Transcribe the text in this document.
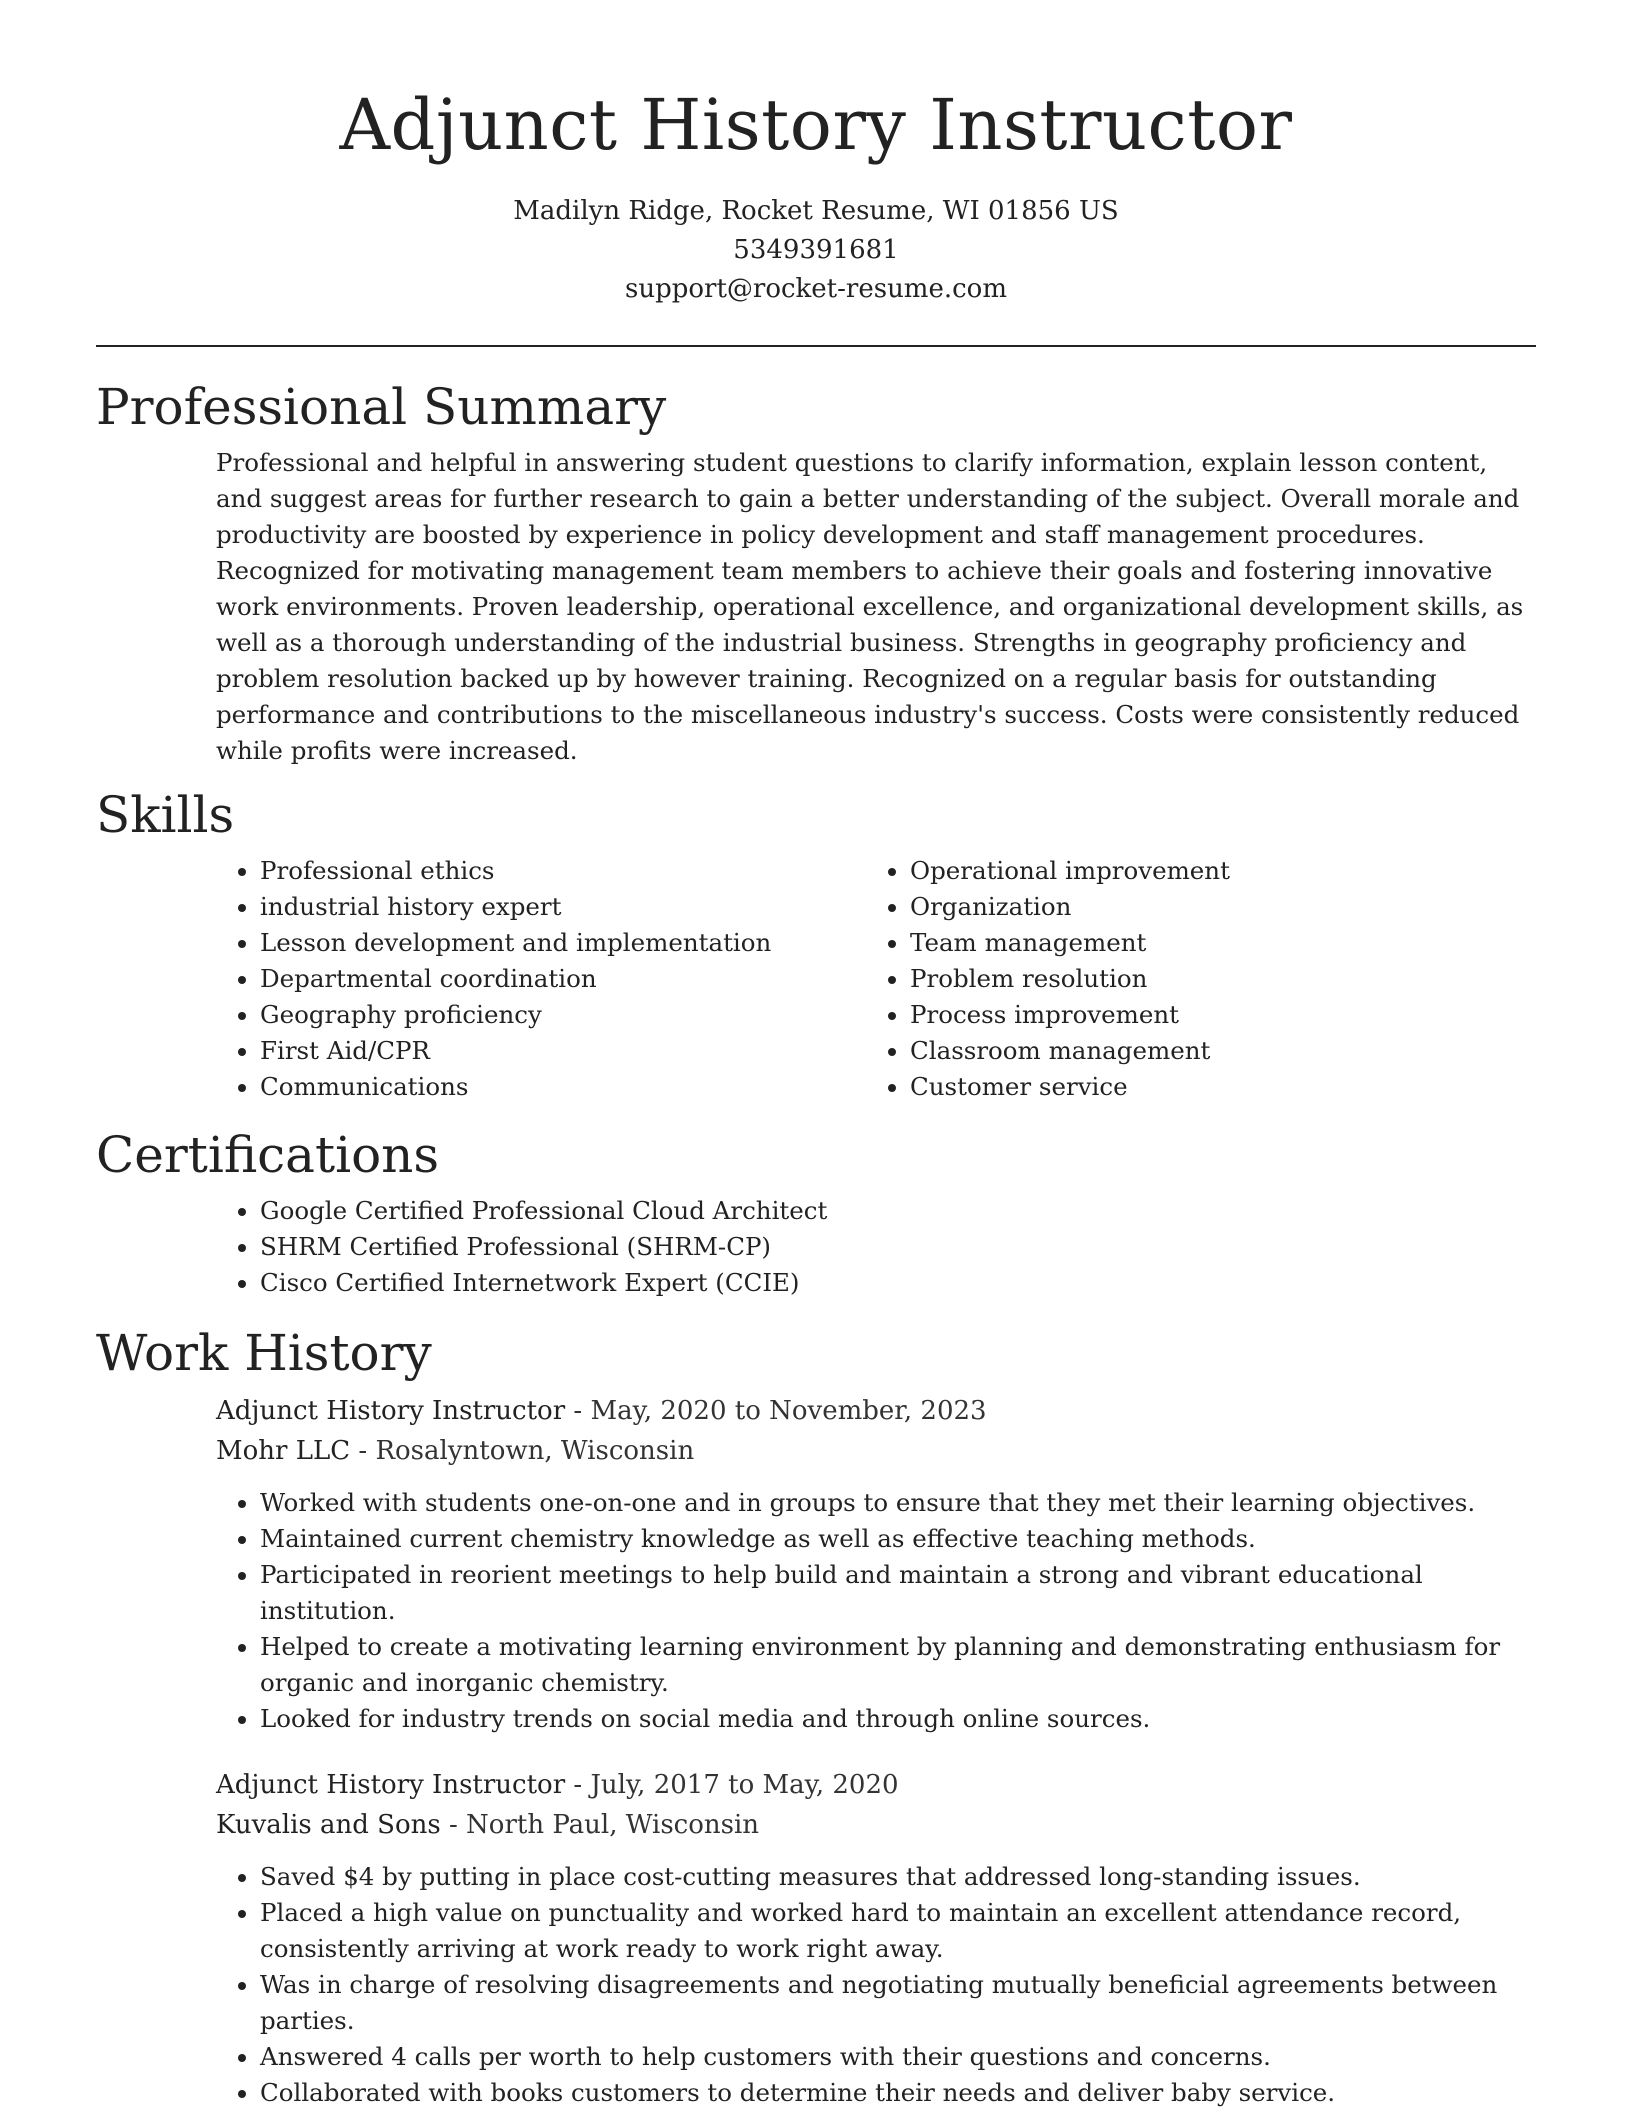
Adjunct History Instructor
Madilyn Ridge, Rocket Resume, WI 01856 US
5349391681
support@rocket-resume.com
Professional Summary

Professional and helpful in answering student questions to clarify information, explain lesson content, and suggest areas for further research to gain a better understanding of the subject. Overall morale and productivity are boosted by experience in policy development and staff management procedures. Recognized for motivating management team members to achieve their goals and fostering innovative work environments. Proven leadership, operational excellence, and organizational development skills, as well as a thorough understanding of the industrial business. Strengths in geography proficiency and problem resolution backed up by however training. Recognized on a regular basis for outstanding performance and contributions to the miscellaneous industry's success. Costs were consistently reduced while profits were increased.

Skills
• Professional ethics
• industrial history expert
• Lesson development and implementation
• Departmental coordination
• Geography proficiency
• First Aid/CPR
• Communications
• Operational improvement
• Organization
• Team management
• Problem resolution
• Process improvement
• Classroom management
• Customer service
Certifications
• Google Certified Professional Cloud Architect
• SHRM Certified Professional (SHRM-CP)
• Cisco Certified Internetwork Expert (CCIE)
Work History
Adjunct History Instructor - May, 2020 to November, 2023
Mohr LLC - Rosalyntown, Wisconsin
• Worked with students one-on-one and in groups to ensure that they met their learning objectives.
• Maintained current chemistry knowledge as well as effective teaching methods.
• Participated in reorient meetings to help build and maintain a strong and vibrant educational institution.
• Helped to create a motivating learning environment by planning and demonstrating enthusiasm for organic and inorganic chemistry.
• Looked for industry trends on social media and through online sources.
Adjunct History Instructor - July, 2017 to May, 2020
Kuvalis and Sons - North Paul, Wisconsin
• Saved $4 by putting in place cost-cutting measures that addressed long-standing issues.
• Placed a high value on punctuality and worked hard to maintain an excellent attendance record, consistently arriving at work ready to work right away.
• Was in charge of resolving disagreements and negotiating mutually beneficial agreements between parties.
• Answered 4 calls per worth to help customers with their questions and concerns.
• Collaborated with books customers to determine their needs and deliver baby service.
